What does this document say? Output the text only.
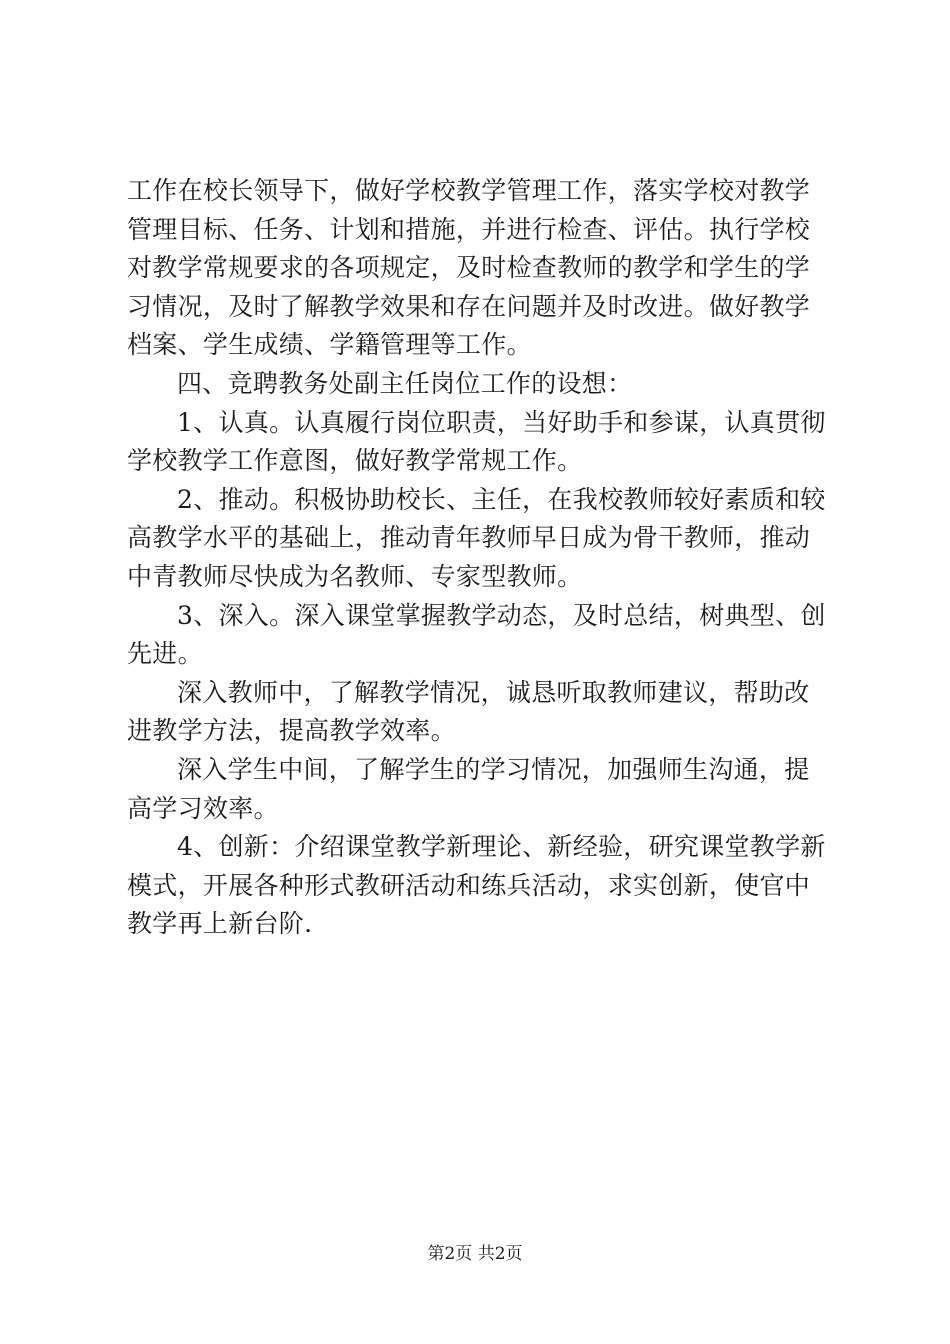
工作在校长领导下，做好学校教学管理工作，落实学校对教学
管理目标、任务、计划和措施，并进行检查、评估。执行学校
对教学常规要求的各项规定，及时检查教师的教学和学生的学
习情况，及时了解教学效果和存在问题并及时改进。做好教学
档案、学生成绩、学籍管理等工作。
四、竞聘教务处副主任岗位工作的设想：
1、认真。认真履行岗位职责，当好助手和参谋，认真贯彻
学校教学工作意图，做好教学常规工作。
2、推动。积极协助校长、主任，在我校教师较好素质和较
高教学水平的基础上，推动青年教师早日成为骨干教师，推动
中青教师尽快成为名教师、专家型教师。
3、深入。深入课堂掌握教学动态，及时总结，树典型、创
先进。
深入教师中，了解教学情况，诚恳听取教师建议，帮助改
进教学方法，提高教学效率。
深入学生中间，了解学生的学习情况，加强师生沟通，提
高学习效率。
4、创新：介绍课堂教学新理论、新经验，研究课堂教学新
模式，开展各种形式教研活动和练兵活动，求实创新，使官中
教学再上新台阶.
第2页 共2页
